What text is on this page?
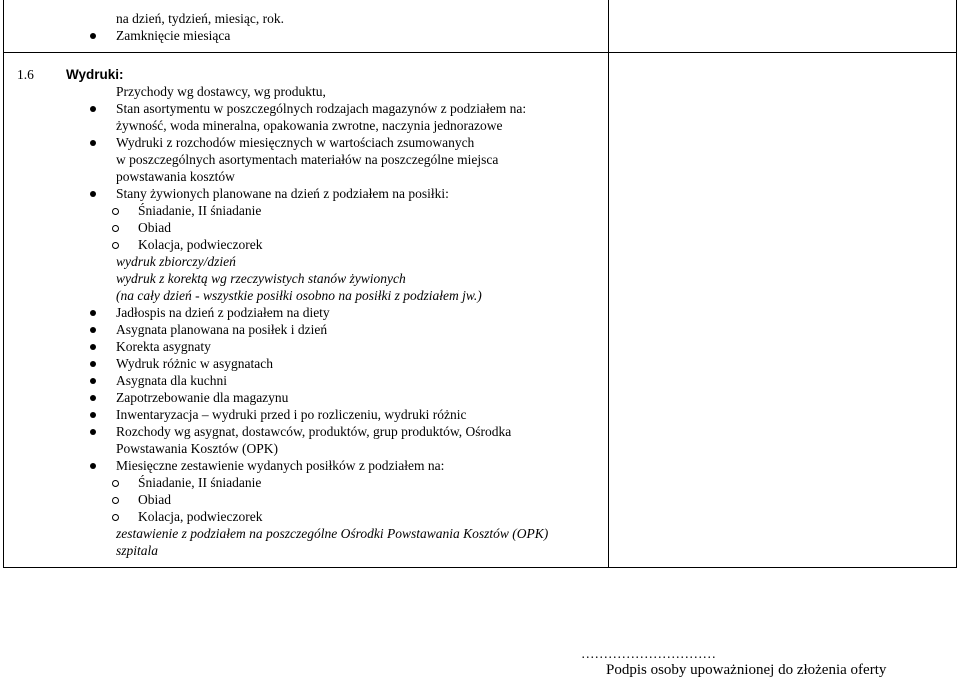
na dzień, tydzień, miesiąc, rok.
Zamknięcie miesiąca
1.6 Wydruki:
Przychody wg dostawcy, wg produktu,
Stan asortymentu w poszczególnych rodzajach magazynów z podziałem na:
żywność, woda mineralna, opakowania zwrotne, naczynia jednorazowe
Wydruki z rozchodów miesięcznych w wartościach zsumowanych
w poszczególnych asortymentach materiałów na poszczególne miejsca
powstawania kosztów
Stany żywionych planowane na dzień z podziałem na posiłki:
Śniadanie, II śniadanie
Obiad
Kolacja, podwieczorek
wydruk zbiorczy/dzień
wydruk z korektą wg rzeczywistych stanów żywionych
(na cały dzień - wszystkie posiłki osobno na posiłki z podziałem jw.)
Jadłospis na dzień z podziałem na diety
Asygnata planowana na posiłek i dzień
Korekta asygnaty
Wydruk różnic w asygnatach
Asygnata dla kuchni
Zapotrzebowanie dla magazynu
Inwentaryzacja – wydruki przed i po rozliczeniu, wydruki różnic
Rozchody wg asygnat, dostawców, produktów, grup produktów, Ośrodka
Powstawania Kosztów (OPK)
Miesięczne zestawienie wydanych posiłków z podziałem na:
Śniadanie, II śniadanie
Obiad
Kolacja, podwieczorek
zestawienie z podziałem na poszczególne Ośrodki Powstawania Kosztów (OPK)
szpitala
…………………………
Podpis osoby upoważnionej do złożenia oferty
